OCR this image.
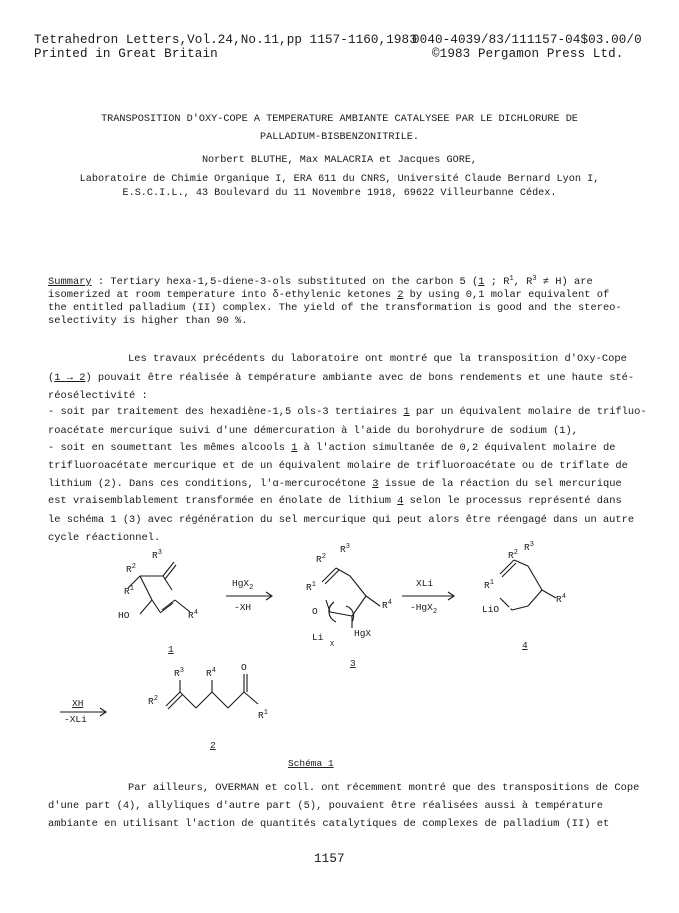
Tetrahedron Letters,Vol.24,No.11,pp 1157-1160,1983
0040-4039/83/111157-04$03.00/0
Printed in Great Britain	©1983 Pergamon Press Ltd.
TRANSPOSITION D'OXY-COPE A TEMPERATURE AMBIANTE CATALYSEE PAR LE DICHLORURE DE
PALLADIUM-BISBENZONITRILE.
Norbert BLUTHE, Max MALACRIA et Jacques GORE,
Laboratoire de Chimie Organique I, ERA 611 du CNRS, Université Claude Bernard Lyon I,
E.S.C.I.L., 43 Boulevard du 11 Novembre 1918, 69622 Villeurbanne Cédex.
Summary : Tertiary hexa-1,5-diene-3-ols substituted on the carbon 5 (1 ; $R^1$, $R^3 \ne H$) are
isomerized at room temperature into δ-ethylenic ketones 2 by using 0,1 molar equivalent of
the entitled palladium (II) complex. The yield of the transformation is good and the stereo-
selectivity is higher than 90 %.
Les travaux précédents du laboratoire ont montré que la transposition d'Oxy-Cope
(1 → 2) pouvait être réalisée à température ambiante avec de bons rendements et une haute sté-
réosélectivité :
- soit par traitement des hexadiène-1,5 ols-3 tertiaires 1 par un équivalent molaire de trifluo-
roacétate mercurique suivi d'une démercuration à l'aide du borohydrure de sodium (1),
- soit en soumettant les mêmes alcools 1 à l'action simultanée de 0,2 équivalent molaire de
trifluoroacétate mercurique et de un équivalent molaire de trifluoroacétate ou de triflate de
lithium (2). Dans ces conditions, l'α-mercurocétone 3 issue de la réaction du sel mercurique
est vraisemblablement transformée en énolate de lithium 4 selon le processus représenté dans
le schéma 1 (3) avec régénération du sel mercurique qui peut alors être réengagé dans un autre
cycle réactionnel.
$R^2$
$R^3$
$R^1$
HO	$R^4$
1
HgX$_2$
-XH
$R^2$
$R^3$
$R^1$
O
$R^4$
Li
X
HgX
3
XLi
-HgX$_2$
$R^2$ $R^3$
$R^1$
LiO
$R^4$
4
XH
-XLi
$R^2$
$R^3$ $R^4$	O
$R^1$
2
Schéma 1
Par ailleurs, OVERMAN et coll. ont récemment montré que des transpositions de Cope
d'une part (4), allyliques d'autre part (5), pouvaient être réalisées aussi à température
ambiante en utilisant l'action de quantités catalytiques de complexes de palladium (II) et
1157
